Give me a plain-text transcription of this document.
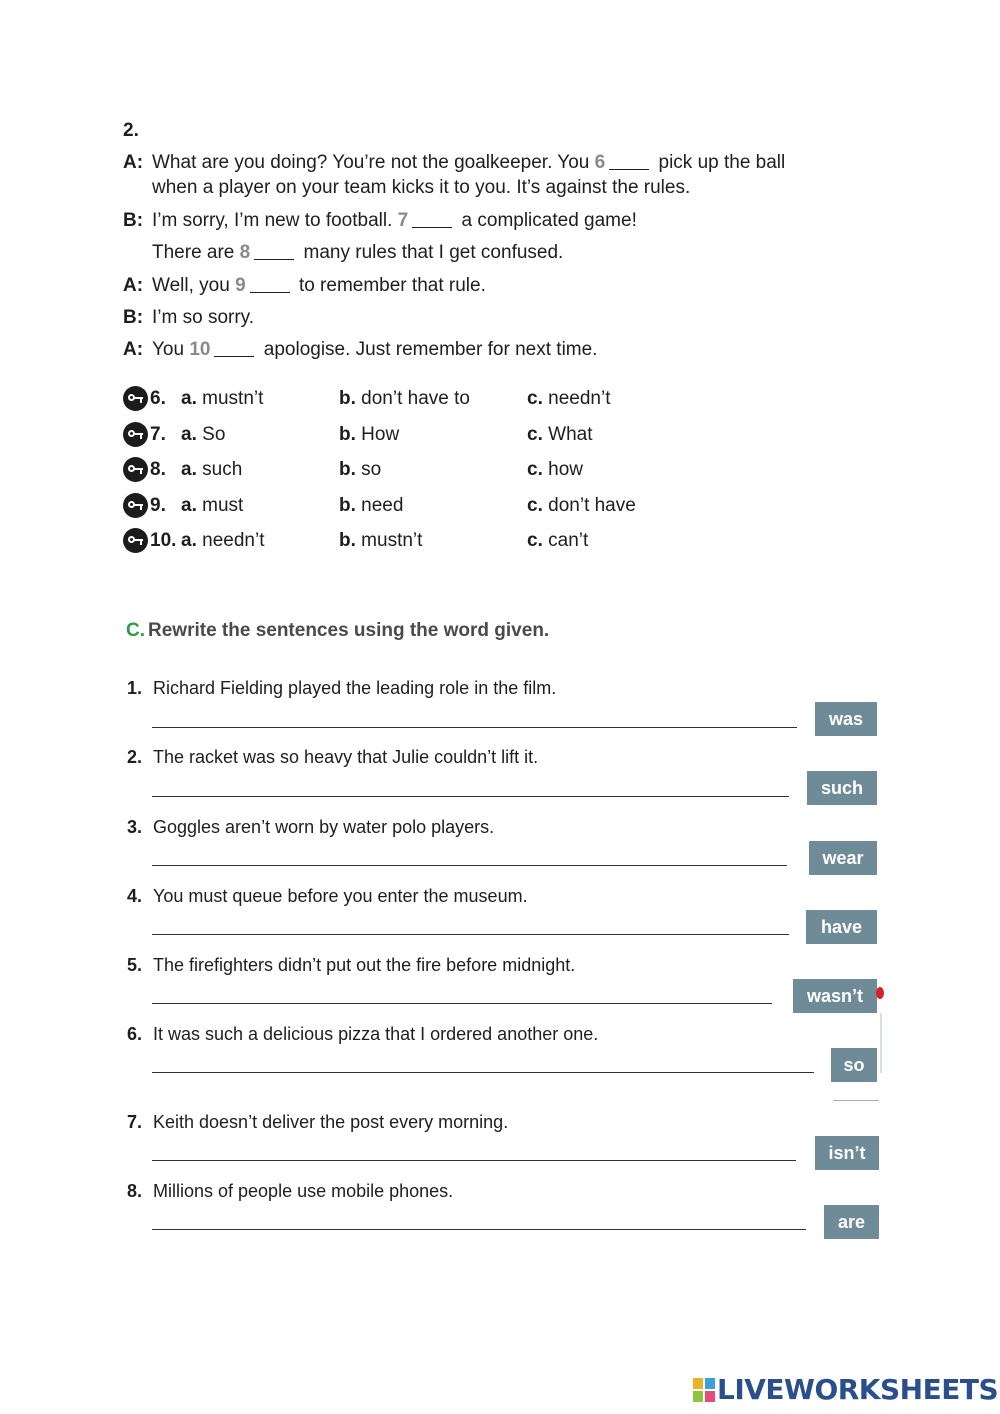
2.
A: What are you doing? You’re not the goalkeeper. You 6	pick up the ball
when a player on your team kicks it to you. It’s against the rules.
B: I’m sorry, I’m new to football. 7	a complicated game!
There are 8	many rules that I get confused.
A: Well, you 9	to remember that rule.
B: I’m so sorry.
A: You 10	apologise. Just remember for next time.
6. a. mustn’t	b. don’t have to	c. needn’t
7. a. So	b. How	c. What
8. a. such	b. so	c. how
9. a. must	b. need	c. don’t have
10. a. needn’t	b. mustn’t	c. can’t
C. Rewrite the sentences using the word given.
1. Richard Fielding played the leading role in the film.
was
2. The racket was so heavy that Julie couldn’t lift it.
such
3. Goggles aren’t worn by water polo players.
wear
4. You must queue before you enter the museum.
have
5. The firefighters didn’t put out the fire before midnight.
wasn’t
6. It was such a delicious pizza that I ordered another one.
so
7. Keith doesn’t deliver the post every morning.
isn’t
8. Millions of people use mobile phones.
are
LIVEWORKSHEETS
